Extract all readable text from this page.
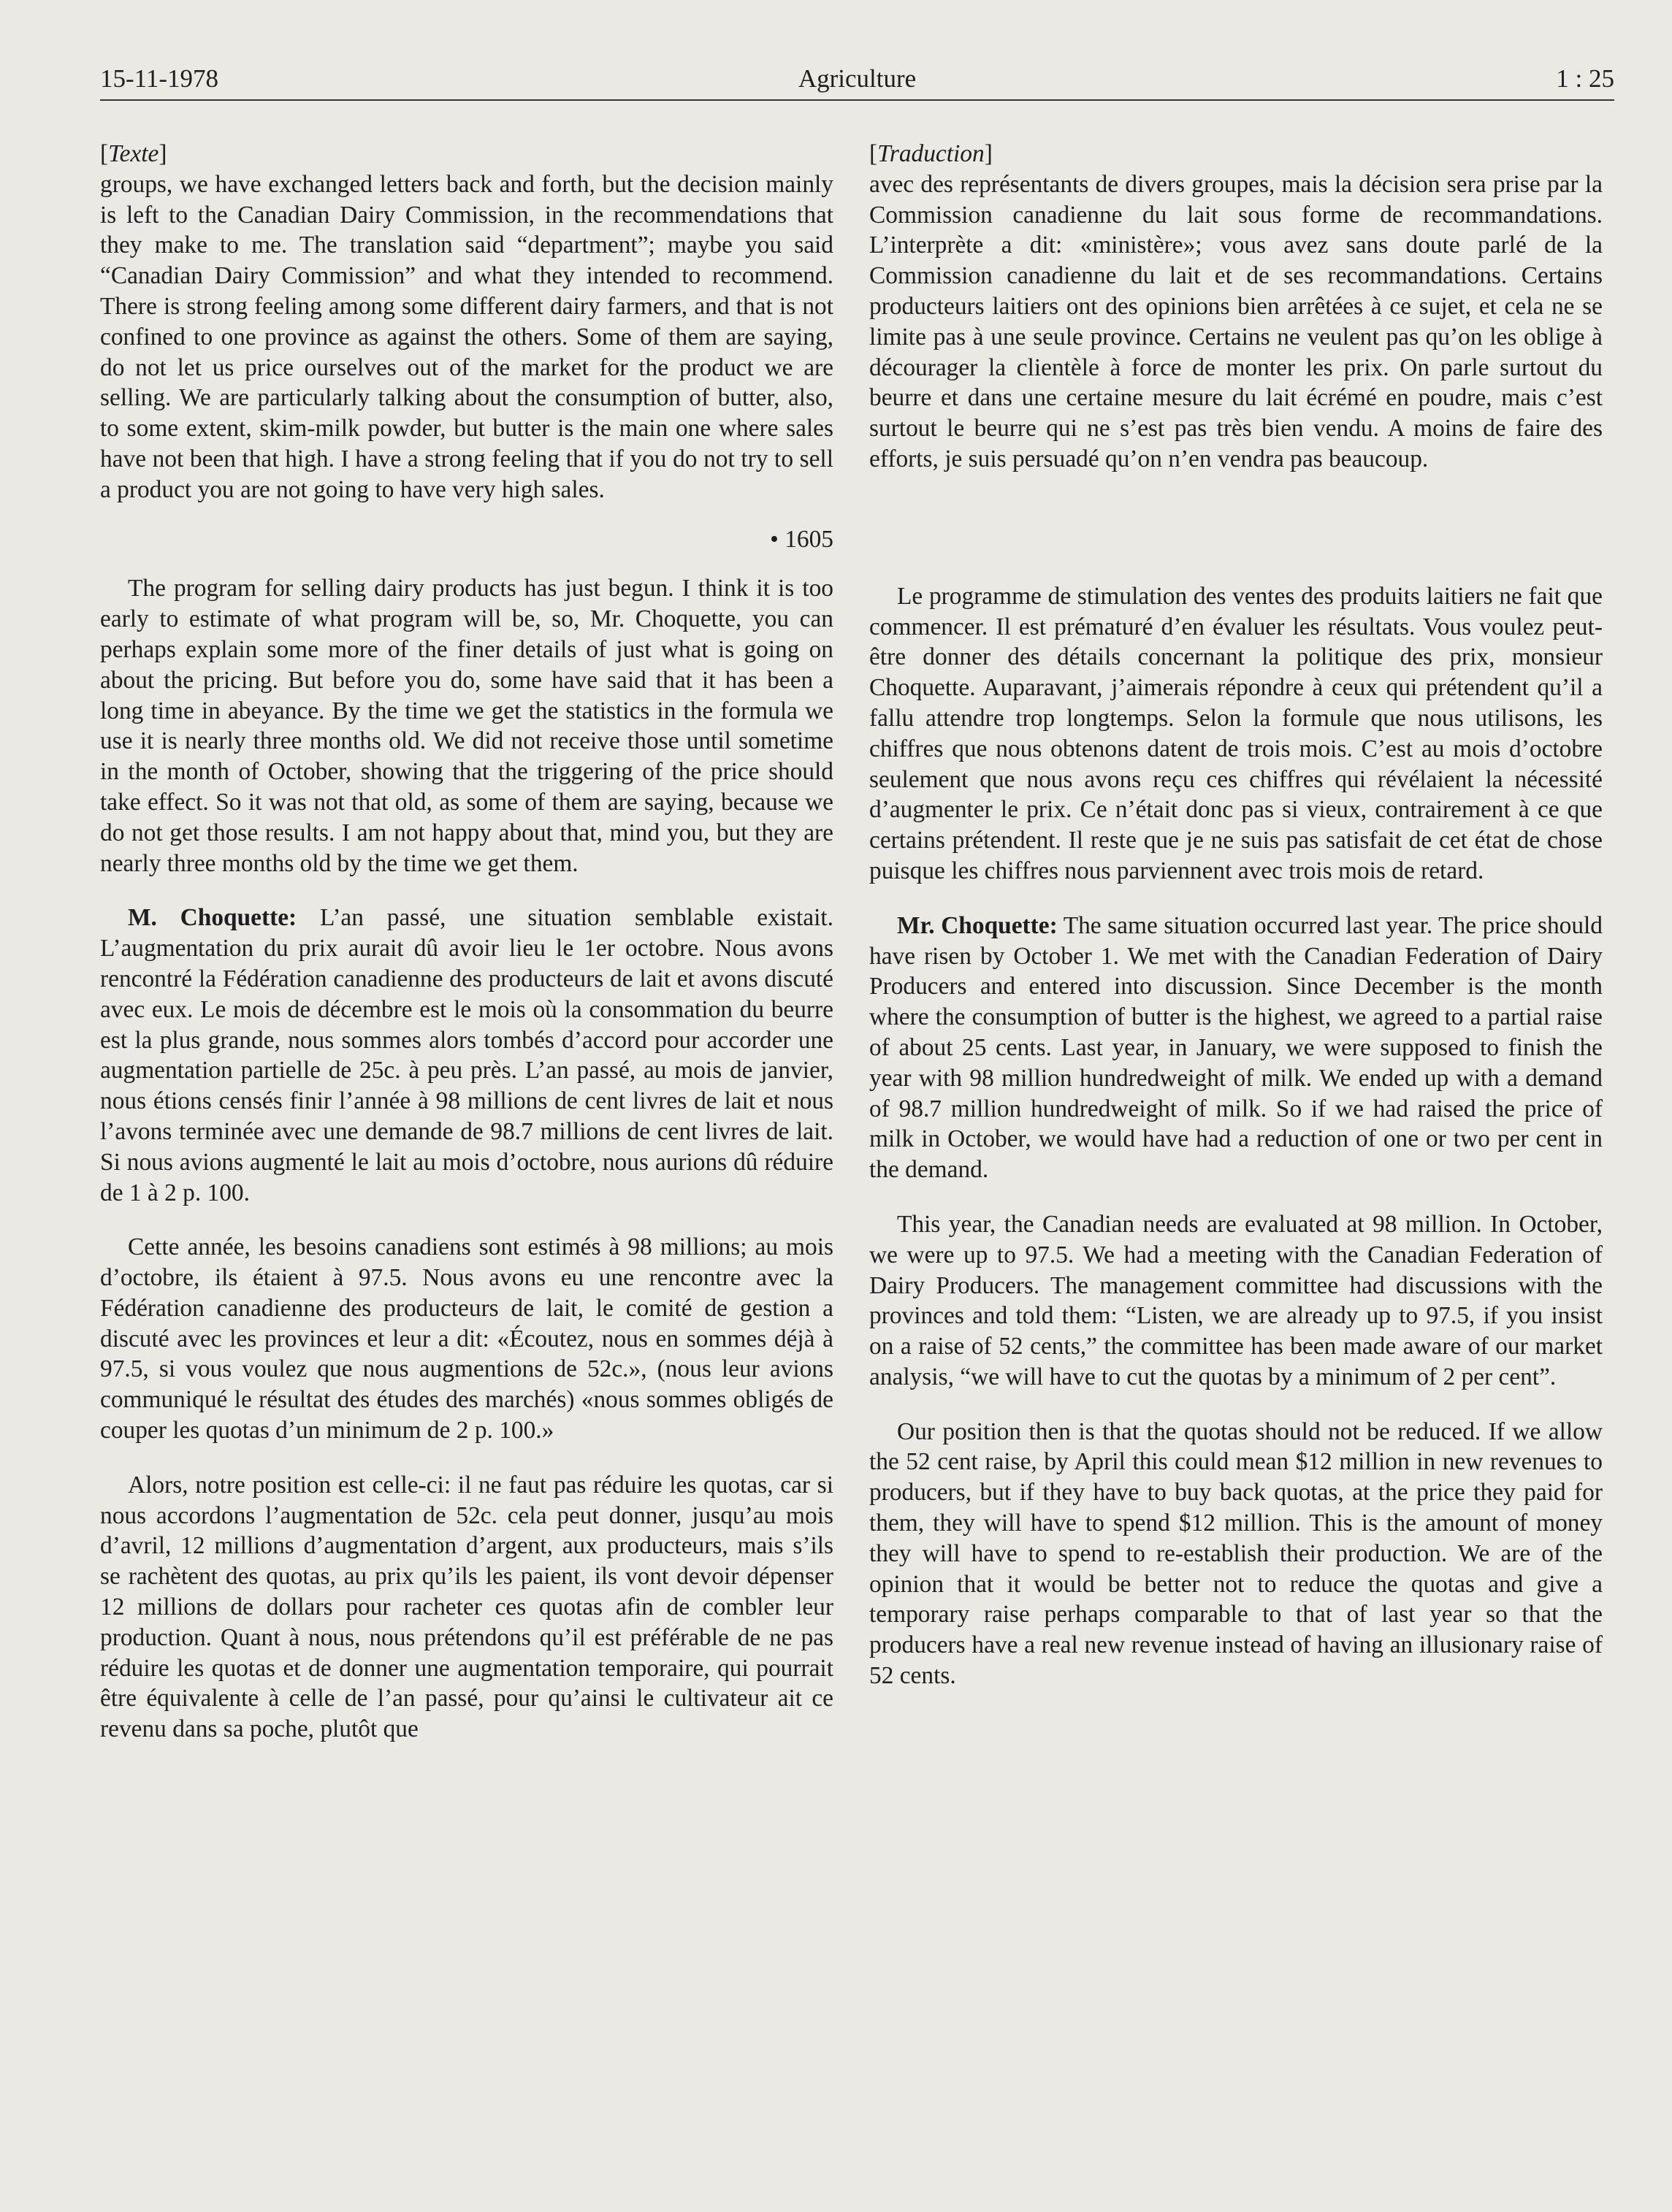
15-11-1978	Agriculture	1 : 25
[Texte]

groups, we have exchanged letters back and forth, but the decision mainly is left to the Canadian Dairy Commission, in the recommendations that they make to me. The translation said “department”; maybe you said “Canadian Dairy Commission” and what they intended to recommend. There is strong feeling among some different dairy farmers, and that is not confined to one province as against the others. Some of them are saying, do not let us price ourselves out of the market for the product we are selling. We are particularly talking about the consumption of butter, also, to some extent, skim-milk powder, but butter is the main one where sales have not been that high. I have a strong feeling that if you do not try to sell a product you are not going to have very high sales.

• 1605

The program for selling dairy products has just begun. I think it is too early to estimate of what program will be, so, Mr. Choquette, you can perhaps explain some more of the finer details of just what is going on about the pricing. But before you do, some have said that it has been a long time in abeyance. By the time we get the statistics in the formula we use it is nearly three months old. We did not receive those until sometime in the month of October, showing that the triggering of the price should take effect. So it was not that old, as some of them are saying, because we do not get those results. I am not happy about that, mind you, but they are nearly three months old by the time we get them.

M. Choquette: L’an passé, une situation semblable existait. L’augmentation du prix aurait dû avoir lieu le 1er octobre. Nous avons rencontré la Fédération canadienne des producteurs de lait et avons discuté avec eux. Le mois de décembre est le mois où la consommation du beurre est la plus grande, nous sommes alors tombés d’accord pour accorder une augmentation partielle de 25c. à peu près. L’an passé, au mois de janvier, nous étions censés finir l’année à 98 millions de cent livres de lait et nous l’avons terminée avec une demande de 98.7 millions de cent livres de lait. Si nous avions augmenté le lait au mois d’octobre, nous aurions dû réduire de 1 à 2 p. 100.

Cette année, les besoins canadiens sont estimés à 98 millions; au mois d’octobre, ils étaient à 97.5. Nous avons eu une rencontre avec la Fédération canadienne des producteurs de lait, le comité de gestion a discuté avec les provinces et leur a dit: «Écoutez, nous en sommes déjà à 97.5, si vous voulez que nous augmentions de 52c.», (nous leur avions communiqué le résultat des études des marchés) «nous sommes obligés de couper les quotas d’un minimum de 2 p. 100.»

Alors, notre position est celle-ci: il ne faut pas réduire les quotas, car si nous accordons l’augmentation de 52c. cela peut donner, jusqu’au mois d’avril, 12 millions d’augmentation d’argent, aux producteurs, mais s’ils se rachètent des quotas, au prix qu’ils les paient, ils vont devoir dépenser 12 millions de dollars pour racheter ces quotas afin de combler leur production. Quant à nous, nous prétendons qu’il est préférable de ne pas réduire les quotas et de donner une augmentation temporaire, qui pourrait être équivalente à celle de l’an passé, pour qu’ainsi le cultivateur ait ce revenu dans sa poche, plutôt que

[Traduction]

avec des représentants de divers groupes, mais la décision sera prise par la Commission canadienne du lait sous forme de recommandations. L’interprète a dit: «ministère»; vous avez sans doute parlé de la Commission canadienne du lait et de ses recommandations. Certains producteurs laitiers ont des opinions bien arrêtées à ce sujet, et cela ne se limite pas à une seule province. Certains ne veulent pas qu’on les oblige à décourager la clientèle à force de monter les prix. On parle surtout du beurre et dans une certaine mesure du lait écrémé en poudre, mais c’est surtout le beurre qui ne s’est pas très bien vendu. A moins de faire des efforts, je suis persuadé qu’on n’en vendra pas beaucoup.

Le programme de stimulation des ventes des produits laitiers ne fait que commencer. Il est prématuré d’en évaluer les résultats. Vous voulez peut-être donner des détails concernant la politique des prix, monsieur Choquette. Auparavant, j’aimerais répondre à ceux qui prétendent qu’il a fallu attendre trop longtemps. Selon la formule que nous utilisons, les chiffres que nous obtenons datent de trois mois. C’est au mois d’octobre seulement que nous avons reçu ces chiffres qui révélaient la nécessité d’augmenter le prix. Ce n’était donc pas si vieux, contrairement à ce que certains prétendent. Il reste que je ne suis pas satisfait de cet état de chose puisque les chiffres nous parviennent avec trois mois de retard.

Mr. Choquette: The same situation occurred last year. The price should have risen by October 1. We met with the Canadian Federation of Dairy Producers and entered into discussion. Since December is the month where the consumption of butter is the highest, we agreed to a partial raise of about 25 cents. Last year, in January, we were supposed to finish the year with 98 million hundredweight of milk. We ended up with a demand of 98.7 million hundredweight of milk. So if we had raised the price of milk in October, we would have had a reduction of one or two per cent in the demand.

This year, the Canadian needs are evaluated at 98 million. In October, we were up to 97.5. We had a meeting with the Canadian Federation of Dairy Producers. The management committee had discussions with the provinces and told them: “Listen, we are already up to 97.5, if you insist on a raise of 52 cents,” the committee has been made aware of our market analysis, “we will have to cut the quotas by a minimum of 2 per cent”.

Our position then is that the quotas should not be reduced. If we allow the 52 cent raise, by April this could mean $12 million in new revenues to producers, but if they have to buy back quotas, at the price they paid for them, they will have to spend $12 million. This is the amount of money they will have to spend to re-establish their production. We are of the opinion that it would be better not to reduce the quotas and give a temporary raise perhaps comparable to that of last year so that the producers have a real new revenue instead of having an illusionary raise of 52 cents.
